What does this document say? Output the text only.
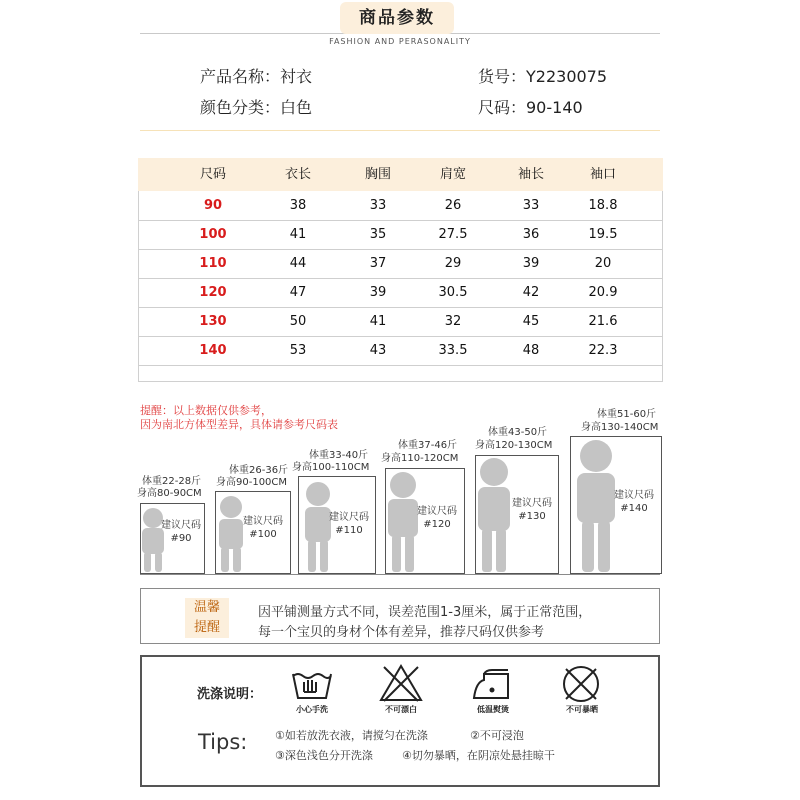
商品参数
FASHION AND PERASONALITY
产品名称：衬衣
颜色分类：白色
货号：Y2230075
尺码：90-140
尺码	衣长	胸围	肩宽	袖长	袖口
90	38	33	26	33	18.8
100	41	35	27.5	36	19.5
110	44	37	29	39	20
120	47	39	30.5	42	20.9
130	50	41	32	45	21.6
140	53	43	33.5	48	22.3
提醒：以上数据仅供参考，
因为南北方体型差异，具体请参考尺码表
体重22-28斤
身高80-90CM
建议尺码
#90
体重26-36斤
身高90-100CM
建议尺码
#100
体重33-40斤
身高100-110CM
建议尺码
#110
体重37-46斤
身高110-120CM
建议尺码
#120
体重43-50斤
身高120-130CM
建议尺码
#130
体重51-60斤
身高130-140CM
建议尺码
#140
温馨
提醒
因平铺测量方式不同，误差范围1-3厘米，属于正常范围，
每一个宝贝的身材个体有差异，推荐尺码仅供参考
洗涤说明：
小心手洗	不可漂白	低温熨烫	不可暴晒
Tips:	①如若放洗衣液，请搅匀在洗涤	②不可浸泡
③深色浅色分开洗涤	④切勿暴晒，在阴凉处悬挂晾干
